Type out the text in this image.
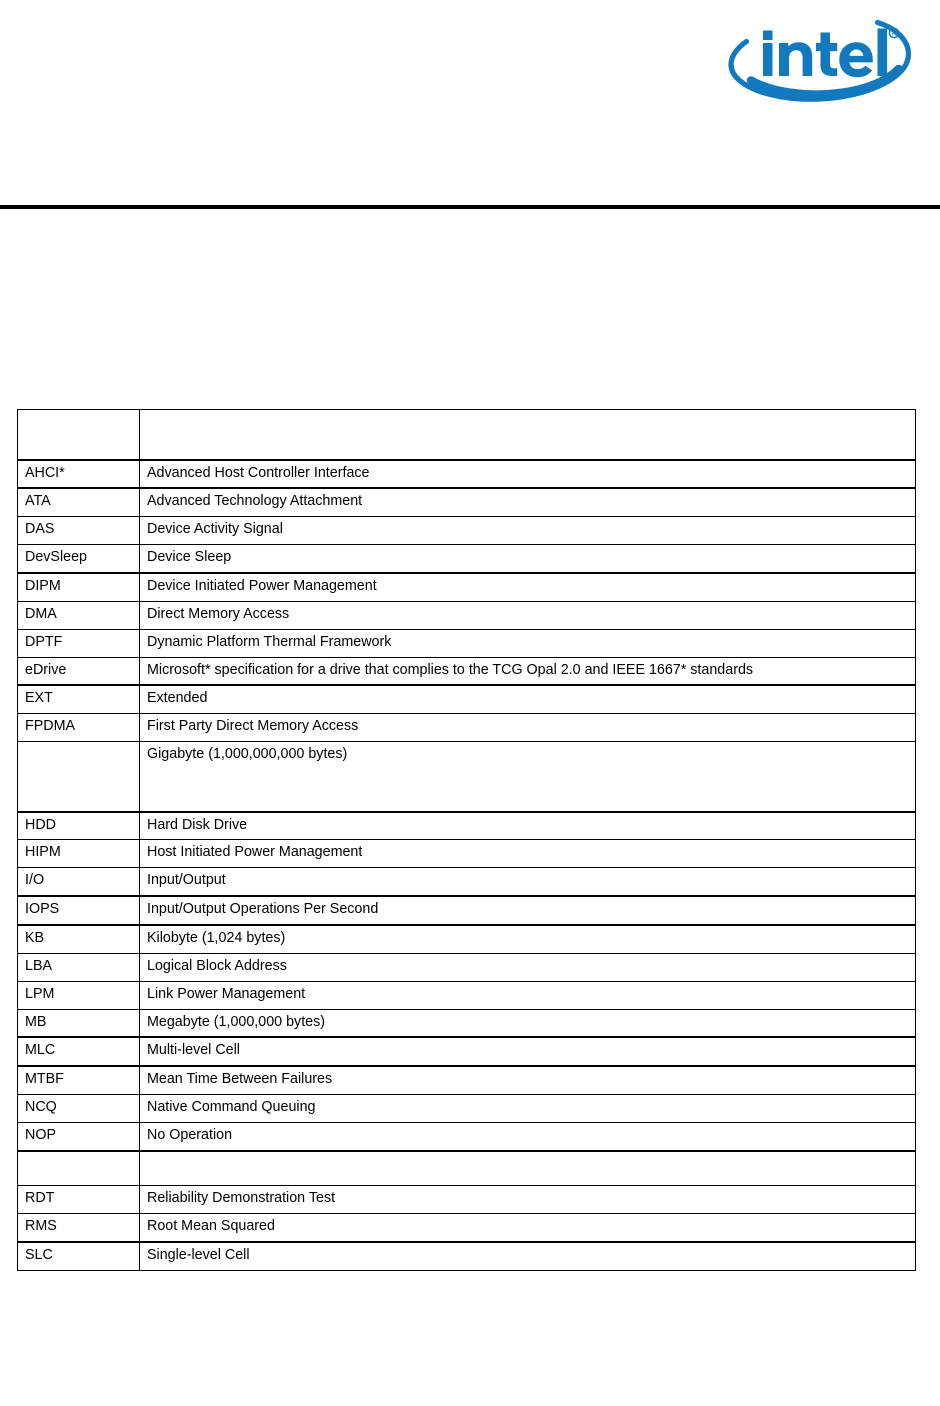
R

AHCI*	Advanced Host Controller Interface
ATA	Advanced Technology Attachment
DAS	Device Activity Signal
DevSleep	Device Sleep
DIPM	Device Initiated Power Management
DMA	Direct Memory Access
DPTF	Dynamic Platform Thermal Framework
eDrive	Microsoft* specification for a drive that complies to the TCG Opal 2.0 and IEEE 1667* standards
EXT	Extended
FPDMA	First Party Direct Memory Access
	Gigabyte (1,000,000,000 bytes)
HDD	Hard Disk Drive
HIPM	Host Initiated Power Management
I/O	Input/Output
IOPS	Input/Output Operations Per Second
KB	Kilobyte (1,024 bytes)
LBA	Logical Block Address
LPM	Link Power Management
MB	Megabyte (1,000,000 bytes)
MLC	Multi-level Cell
MTBF	Mean Time Between Failures
NCQ	Native Command Queuing
NOP	No Operation

RDT	Reliability Demonstration Test
RMS	Root Mean Squared
SLC	Single-level Cell
